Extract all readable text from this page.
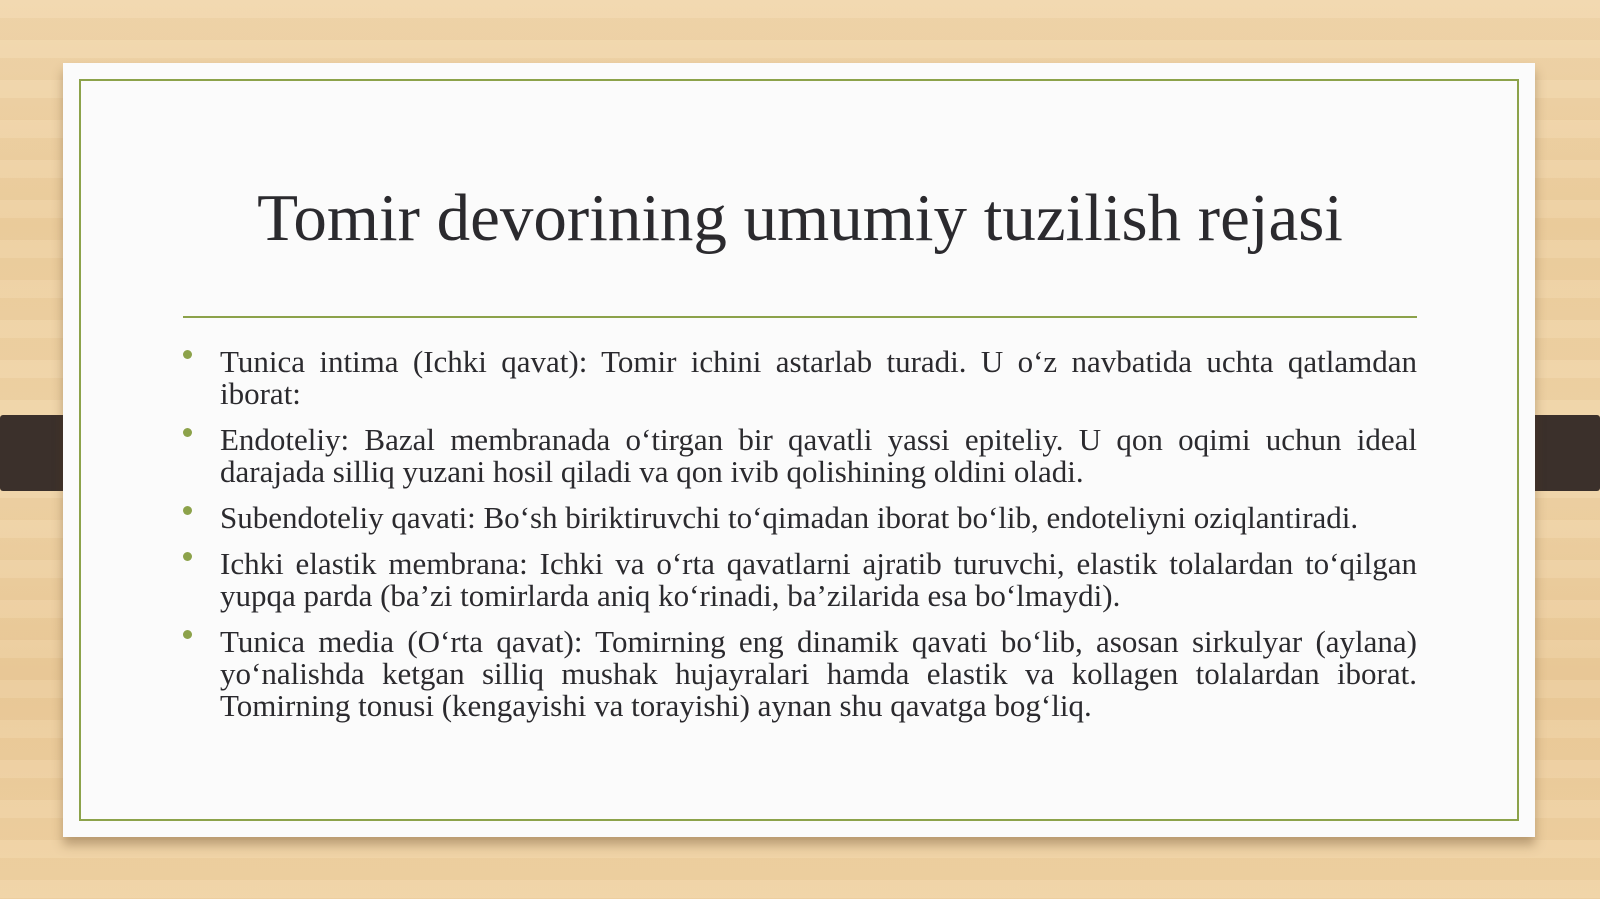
Tomir devorining umumiy tuzilish rejasi
Tunica intima (Ichki qavat): Tomir ichini astarlab turadi. U o‘z navbatida uchta qatlamdan iborat:
Endoteliy: Bazal membranada o‘tirgan bir qavatli yassi epiteliy. U qon oqimi uchun ideal darajada silliq yuzani hosil qiladi va qon ivib qolishining oldini oladi.
Subendoteliy qavati: Bo‘sh biriktiruvchi to‘qimadan iborat bo‘lib, endoteliyni oziqlantiradi.
Ichki elastik membrana: Ichki va o‘rta qavatlarni ajratib turuvchi, elastik tolalardan to‘qilgan yupqa parda (ba’zi tomirlarda aniq ko‘rinadi, ba’zilarida esa bo‘lmaydi).
Tunica media (O‘rta qavat): Tomirning eng dinamik qavati bo‘lib, asosan sirkulyar (aylana) yo‘nalishda ketgan silliq mushak hujayralari hamda elastik va kollagen tolalardan iborat. Tomirning tonusi (kengayishi va torayishi) aynan shu qavatga bog‘liq.
